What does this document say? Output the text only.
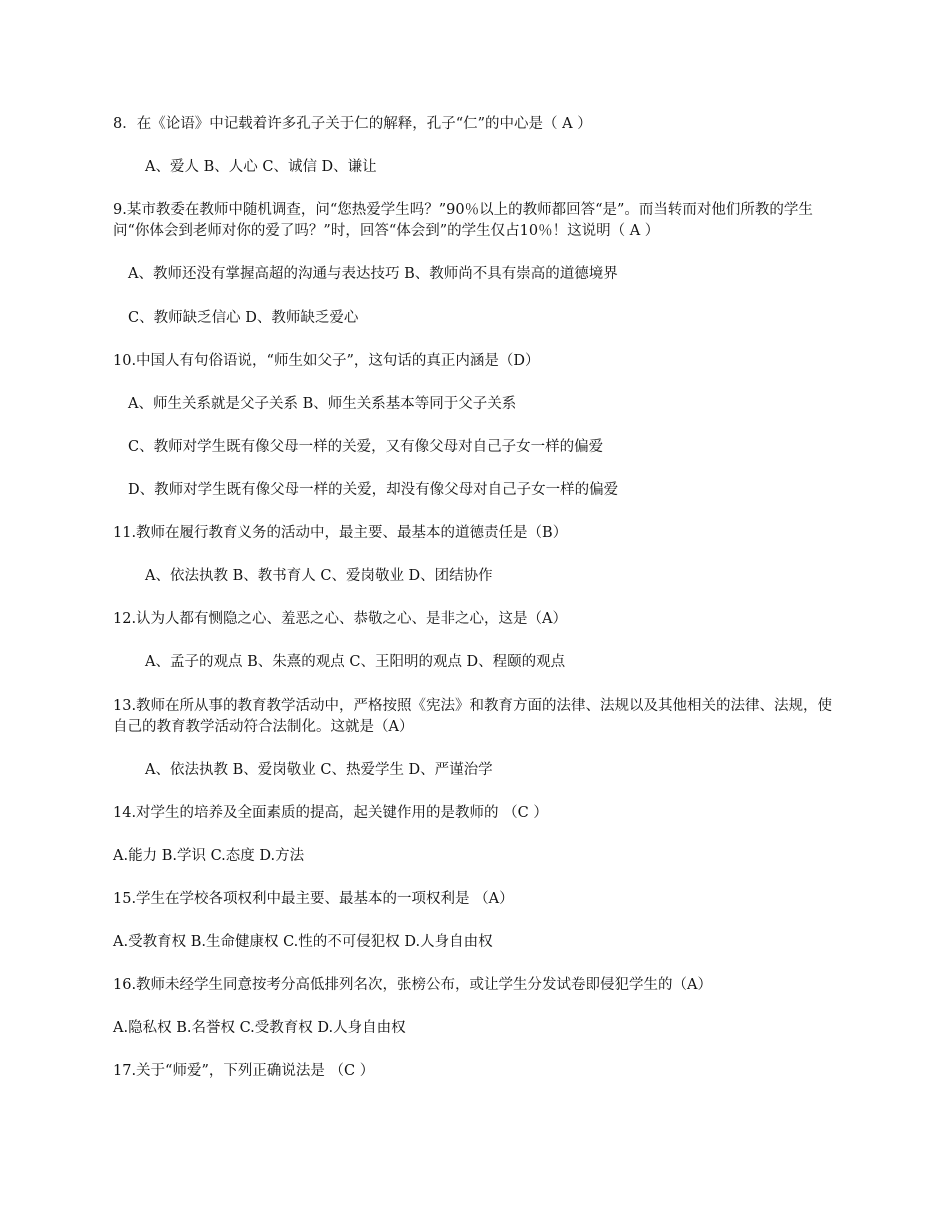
8．在《论语》中记载着许多孔子关于仁的解释，孔子“仁”的中心是（ A ）
A、爱人 B、人心 C、诚信 D、谦让
9.某市教委在教师中随机调查，问“您热爱学生吗？”90％以上的教师都回答“是”。而当转而对他们所教的学生问“你体会到老师对你的爱了吗？”时，回答“体会到”的学生仅占10％！这说明（ A ）
A、教师还没有掌握高超的沟通与表达技巧 B、教师尚不具有崇高的道德境界
C、教师缺乏信心 D、教师缺乏爱心
10.中国人有句俗语说，“师生如父子”，这句话的真正内涵是（D）
A、师生关系就是父子关系 B、师生关系基本等同于父子关系
C、教师对学生既有像父母一样的关爱，又有像父母对自己子女一样的偏爱
D、教师对学生既有像父母一样的关爱，却没有像父母对自己子女一样的偏爱
11.教师在履行教育义务的活动中，最主要、最基本的道德责任是（B）
A、依法执教 B、教书育人 C、爱岗敬业 D、团结协作
12.认为人都有恻隐之心、羞恶之心、恭敬之心、是非之心，这是（A）
A、孟子的观点 B、朱熹的观点 C、王阳明的观点 D、程颐的观点
13.教师在所从事的教育教学活动中，严格按照《宪法》和教育方面的法律、法规以及其他相关的法律、法规，使自己的教育教学活动符合法制化。这就是（A）
A、依法执教 B、爱岗敬业 C、热爱学生 D、严谨治学
14.对学生的培养及全面素质的提高，起关键作用的是教师的 （C ）
A.能力 B.学识 C.态度 D.方法
15.学生在学校各项权利中最主要、最基本的一项权利是 （A）
A.受教育权 B.生命健康权 C.性的不可侵犯权 D.人身自由权
16.教师未经学生同意按考分高低排列名次，张榜公布，或让学生分发试卷即侵犯学生的（A）
A.隐私权 B.名誉权 C.受教育权 D.人身自由权
17.关于“师爱”，下列正确说法是 （C ）
